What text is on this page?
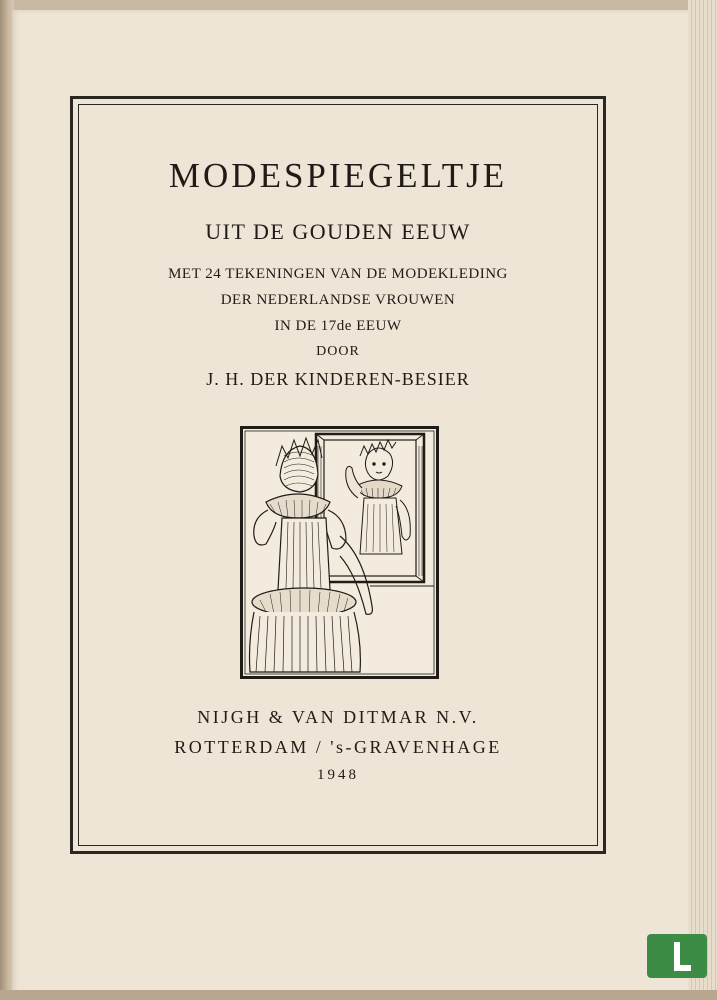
MODESPIEGELTJE
UIT DE GOUDEN EEUW
MET 24 TEKENINGEN VAN DE MODEKLEDING
DER NEDERLANDSE VROUWEN
IN DE 17de EEUW
DOOR
J. H. DER KINDEREN-BESIER
NIJGH & VAN DITMAR N.V.
ROTTERDAM / 's-GRAVENHAGE
1948
